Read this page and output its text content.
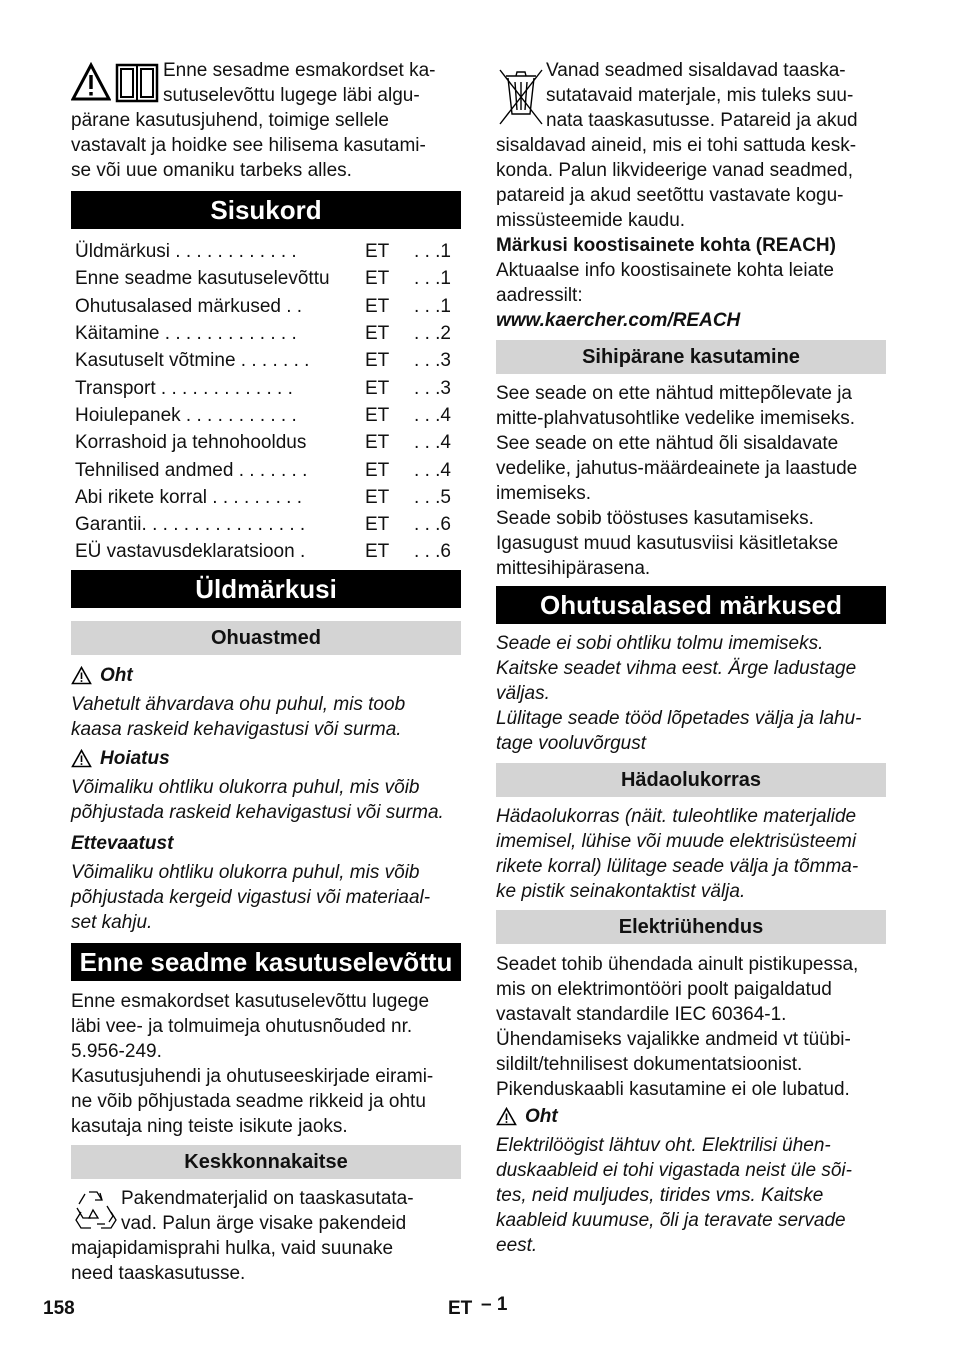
Enne sesadme esmakordset ka-

sutuselevõttu lugege läbi algu-

pärane kasutusjuhend, toimige sellele

vastavalt ja hoidke see hilisema kasutami-

se või uue omaniku tarbeks alles.

Sisukord
Üldmärkusi . . . . . . . . . . . .	ET	. . .1
Enne seadme kasutuselevõttu	ET	. . .1
Ohutusalased märkused . .	ET	. . .1
Käitamine . . . . . . . . . . . . .	ET	. . .2
Kasutuselt võtmine . . . . . . .	ET	. . .3
Transport . . . . . . . . . . . . .	ET	. . .3
Hoiulepanek . . . . . . . . . . .	ET	. . .4
Korrashoid ja tehnohooldus	ET	. . .4
Tehnilised andmed . . . . . . .	ET	. . .4
Abi rikete korral . . . . . . . . .	ET	. . .5
Garantii. . . . . . . . . . . . . . . .	ET	. . .6
EÜ vastavusdeklaratsioon .	ET	. . .6
Üldmärkusi
Ohuastmed
Oht

Vahetult ähvardava ohu puhul, mis toob

kaasa raskeid kehavigastusi või surma.

Hoiatus

Võimaliku ohtliku olukorra puhul, mis võib

põhjustada raskeid kehavigastusi või surma.

Ettevaatust

Võimaliku ohtliku olukorra puhul, mis võib

põhjustada kergeid vigastusi või materiaal-

set kahju.

Enne seadme kasutuselevõttu

Enne esmakordset kasutuselevõttu lugege

läbi vee- ja tolmuimeja ohutusnõuded nr.

5.956-249.

Kasutusjuhendi ja ohutuseeskirjade eirami-

ne võib põhjustada seadme rikkeid ja ohtu

kasutaja ning teiste isikute jaoks.

Keskkonnakaitse

Pakendmaterjalid on taaskasutata-

vad. Palun ärge visake pakendeid

majapidamisprahi hulka, vaid suunake

need taaskasutusse.

Vanad seadmed sisaldavad taaska-

sutatavaid materjale, mis tuleks suu-

nata taaskasutusse. Patareid ja akud

sisaldavad aineid, mis ei tohi sattuda kesk-

konda. Palun likvideerige vanad seadmed,

patareid ja akud seetõttu vastavate kogu-

missüsteemide kaudu.

Märkusi koostisainete kohta (REACH)

Aktuaalse info koostisainete kohta leiate

aadressilt:

www.kaercher.com/REACH

Sihipärane kasutamine

See seade on ette nähtud mittepõlevate ja

mitte-plahvatusohtlike vedelike imemiseks.

See seade on ette nähtud õli sisaldavate

vedelike, jahutus-määrdeainete ja laastude

imemiseks.

Seade sobib tööstuses kasutamiseks.

Igasugust muud kasutusviisi käsitletakse

mittesihipärasena.

Ohutusalased märkused

Seade ei sobi ohtliku tolmu imemiseks.

Kaitske seadet vihma eest. Ärge ladustage

väljas.

Lülitage seade tööd lõpetades välja ja lahu-

tage vooluvõrgust

Hädaolukorras

Hädaolukorras (näit. tuleohtlike materjalide

imemisel, lühise või muude elektrisüsteemi

rikete korral) lülitage seade välja ja tõmma-

ke pistik seinakontaktist välja.

Elektriühendus

Seadet tohib ühendada ainult pistikupessa,

mis on elektrimontööri poolt paigaldatud

vastavalt standardile IEC 60364-1.

Ühendamiseks vajalikke andmeid vt tüübi-

sildilt/tehnilisest dokumentatsioonist.

Pikenduskaabli kasutamine ei ole lubatud.

Oht

Elektrilöögist lähtuv oht. Elektrilisi ühen-

duskaableid ei tohi vigastada neist üle sõi-

tes, neid muljudes, tirides vms. Kaitske

kaableid kuumuse, õli ja teravate servade

eest.

158	ET – 1
